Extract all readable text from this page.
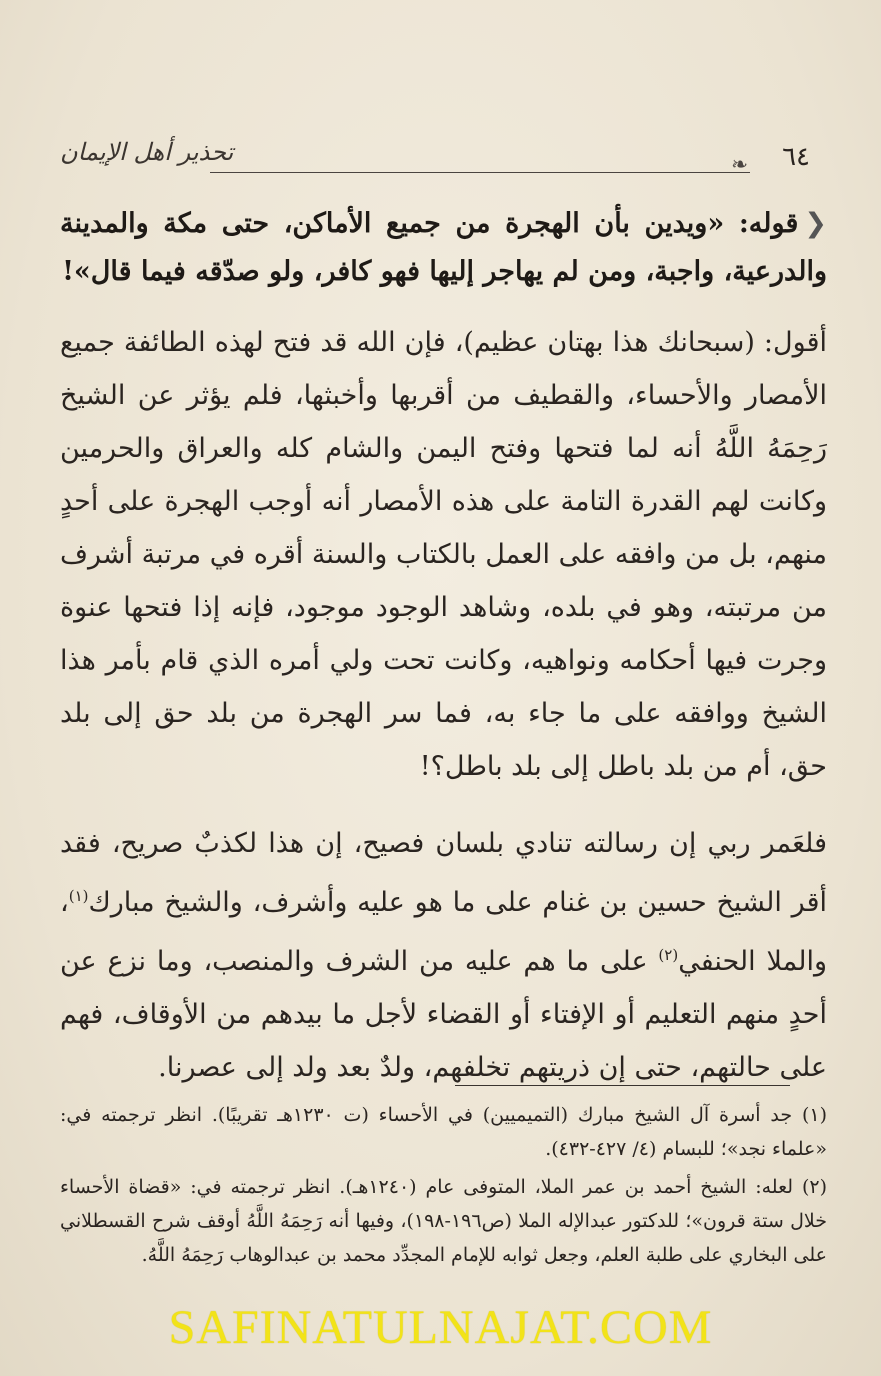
تحذير أهل الإيمان	❧ ٦٤

❮قوله: «ويدين بأن الهجرة من جميع الأماكن، حتى مكة والمدينة والدرعية، واجبة، ومن لم يهاجر إليها فهو كافر، ولو صدّقه فيما قال»!

أقول: (سبحانك هذا بهتان عظيم)، فإن الله قد فتح لهذه الطائفة جميع الأمصار والأحساء، والقطيف من أقربها وأخبثها، فلم يؤثر عن الشيخ رَحِمَهُ اللَّهُ أنه لما فتحها وفتح اليمن والشام كله والعراق والحرمين وكانت لهم القدرة التامة على هذه الأمصار أنه أوجب الهجرة على أحدٍ منهم، بل من وافقه على العمل بالكتاب والسنة أقره في مرتبة أشرف من مرتبته، وهو في بلده، وشاهد الوجود موجود، فإنه إذا فتحها عنوة وجرت فيها أحكامه ونواهيه، وكانت تحت ولي أمره الذي قام بأمر هذا الشيخ ووافقه على ما جاء به، فما سر الهجرة من بلد حق إلى بلد حق، أم من بلد باطل إلى بلد باطل؟!

فلعَمر ربي إن رسالته تنادي بلسان فصيح، إن هذا لكذبٌ صريح، فقد أقر الشيخ حسين بن غنام على ما هو عليه وأشرف، والشيخ مبارك$^{(١)}$، والملا الحنفي$^{(٢)}$ على ما هم عليه من الشرف والمنصب، وما نزع عن أحدٍ منهم التعليم أو الإفتاء أو القضاء لأجل ما بيدهم من الأوقاف، فهم على حالتهم، حتى إن ذريتهم تخلفهم، ولدٌ بعد ولد إلى عصرنا.

(١) جد أسرة آل الشيخ مبارك (التميميين) في الأحساء (ت ١٢٣٠هـ تقريبًا). انظر ترجمته في: «علماء نجد»؛ للبسام (٤/ ٤٢٧-٤٣٢).

(٢) لعله: الشيخ أحمد بن عمر الملا، المتوفى عام (١٢٤٠هـ). انظر ترجمته في: «قضاة الأحساء خلال ستة قرون»؛ للدكتور عبدالإله الملا (ص١٩٦-١٩٨)، وفيها أنه رَحِمَهُ اللَّهُ أوقف شرح القسطلاني على البخاري على طلبة العلم، وجعل ثوابه للإمام المجدِّد محمد بن عبدالوهاب رَحِمَهُ اللَّهُ.

SAFINATULNAJAT.COM
